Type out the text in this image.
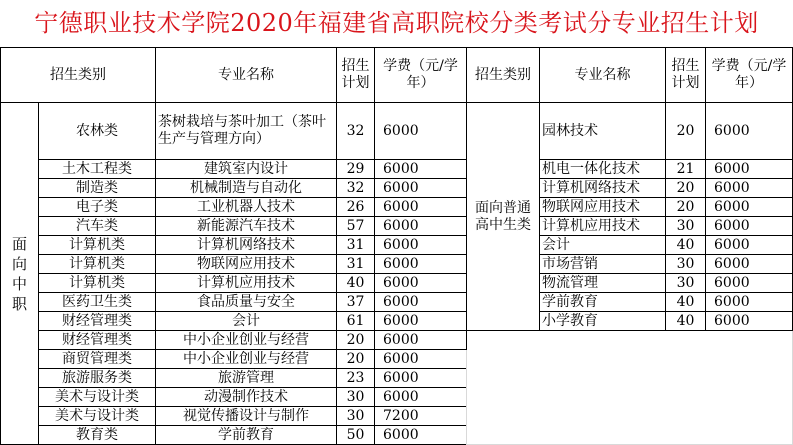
宁德职业技术学院2020年福建省高职院校分类考试分专业招生计划
招生类别		专业名称	招生计划	学费（元/学年）	招生类别	专业名称	招生计划	学费（元/学年）
面向中职	农林类	茶树栽培与茶叶加工（茶叶生产与管理方向）	32	6000	面向普通高中生类	园林技术	20	6000
	土木工程类	建筑室内设计	29	6000		机电一体化技术	21	6000
	制造类	机械制造与自动化	32	6000		计算机网络技术	20	6000
	电子类	工业机器人技术	26	6000		物联网应用技术	20	6000
	汽车类	新能源汽车技术	57	6000		计算机应用技术	30	6000
	计算机类	计算机网络技术	31	6000		会计	40	6000
	计算机类	物联网应用技术	31	6000		市场营销	30	6000
	计算机类	计算机应用技术	40	6000		物流管理	30	6000
	医药卫生类	食品质量与安全	37	6000		学前教育	40	6000
	财经管理类	会计	61	6000		小学教育	40	6000
	财经管理类	中小企业创业与经营	20	6000				
	商贸管理类	中小企业创业与经营	20	6000				
	旅游服务类	旅游管理	23	6000				
	美术与设计类	动漫制作技术	30	6000				
	美术与设计类	视觉传播设计与制作	30	7200				
	教育类	学前教育	50	6000				
